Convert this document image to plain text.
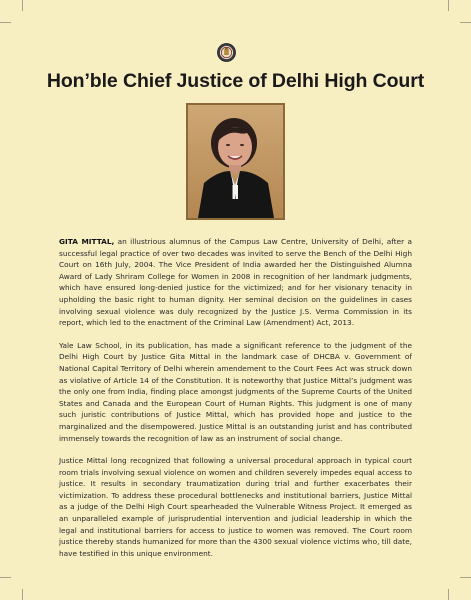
Hon’ble Chief Justice of Delhi High Court

GITA MITTAL, an illustrious alumnus of the Campus Law Centre, University of Delhi, after a successful legal practice of over two decades was invited to serve the Bench of the Delhi High Court on 16th July, 2004. The Vice President of India awarded her the Distinguished Alumna Award of Lady Shriram College for Women in 2008 in recognition of her landmark judgments, which have ensured long-denied justice for the victimized; and for her visionary tenacity in upholding the basic right to human dignity. Her seminal decision on the guidelines in cases involving sexual violence was duly recognized by the Justice J.S. Verma Commission in its report, which led to the enactment of the Criminal Law (Amendment) Act, 2013.

Yale Law School, in its publication, has made a significant reference to the judgment of the Delhi High Court by Justice Gita Mittal in the landmark case of DHCBA v. Government of National Capital Territory of Delhi wherein amendement to the Court Fees Act was struck down as violative of Article 14 of the Constitution. It is noteworthy that Justice Mittal’s judgment was the only one from India, finding place amongst judgments of the Supreme Courts of the United States and Canada and the European Court of Human Rights. This judgment is one of many such juristic contributions of Justice Mittal, which has provided hope and justice to the marginalized and the disempowered. Justice Mittal is an outstanding jurist and has contributed immensely towards the recognition of law as an instrument of social change.

Justice Mittal long recognized that following a universal procedural approach in typical court room trials involving sexual violence on women and children severely impedes equal access to justice. It results in secondary traumatization during trial and further exacerbates their victimization. To address these procedural bottlenecks and institutional barriers, Justice Mittal as a judge of the Delhi High Court spearheaded the Vulnerable Witness Project. It emerged as an unparalleled example of jurisprudential intervention and judicial leadership in which the legal and institutional barriers for access to justice to women was removed. The Court room justice thereby stands humanized for more than the 4300 sexual violence victims who, till date, have testified in this unique environment.
